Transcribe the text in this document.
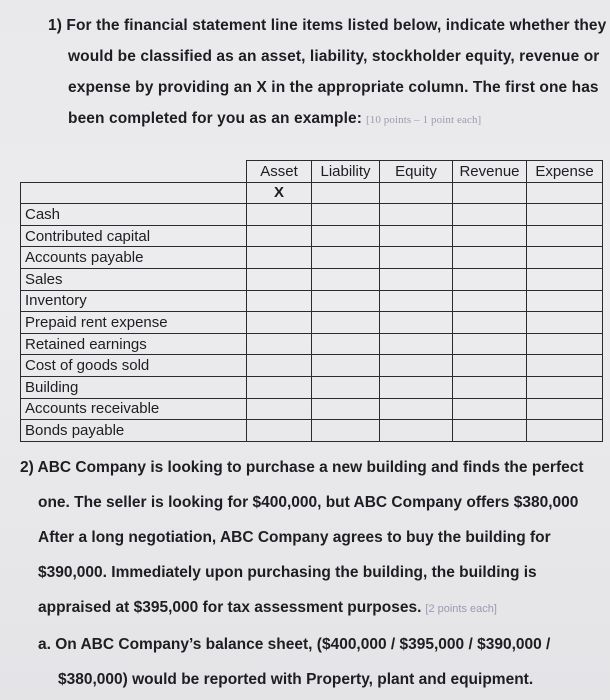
1) For the financial statement line items listed below, indicate whether they
would be classified as an asset, liability, stockholder equity, revenue or
expense by providing an X in the appropriate column. The first one has
been completed for you as an example: [10 points – 1 point each]
	Asset	Liability	Equity	Revenue	Expense
	X				
Cash					
Contributed capital					
Accounts payable					
Sales					
Inventory					
Prepaid rent expense					
Retained earnings					
Cost of goods sold					
Building					
Accounts receivable					
Bonds payable					
2) ABC Company is looking to purchase a new building and finds the perfect
one. The seller is looking for $400,000, but ABC Company offers $380,000
After a long negotiation, ABC Company agrees to buy the building for
$390,000. Immediately upon purchasing the building, the building is
appraised at $395,000 for tax assessment purposes. [2 points each]
a. On ABC Company’s balance sheet, ($400,000 / $395,000 / $390,000 /
$380,000) would be reported with Property, plant and equipment.
